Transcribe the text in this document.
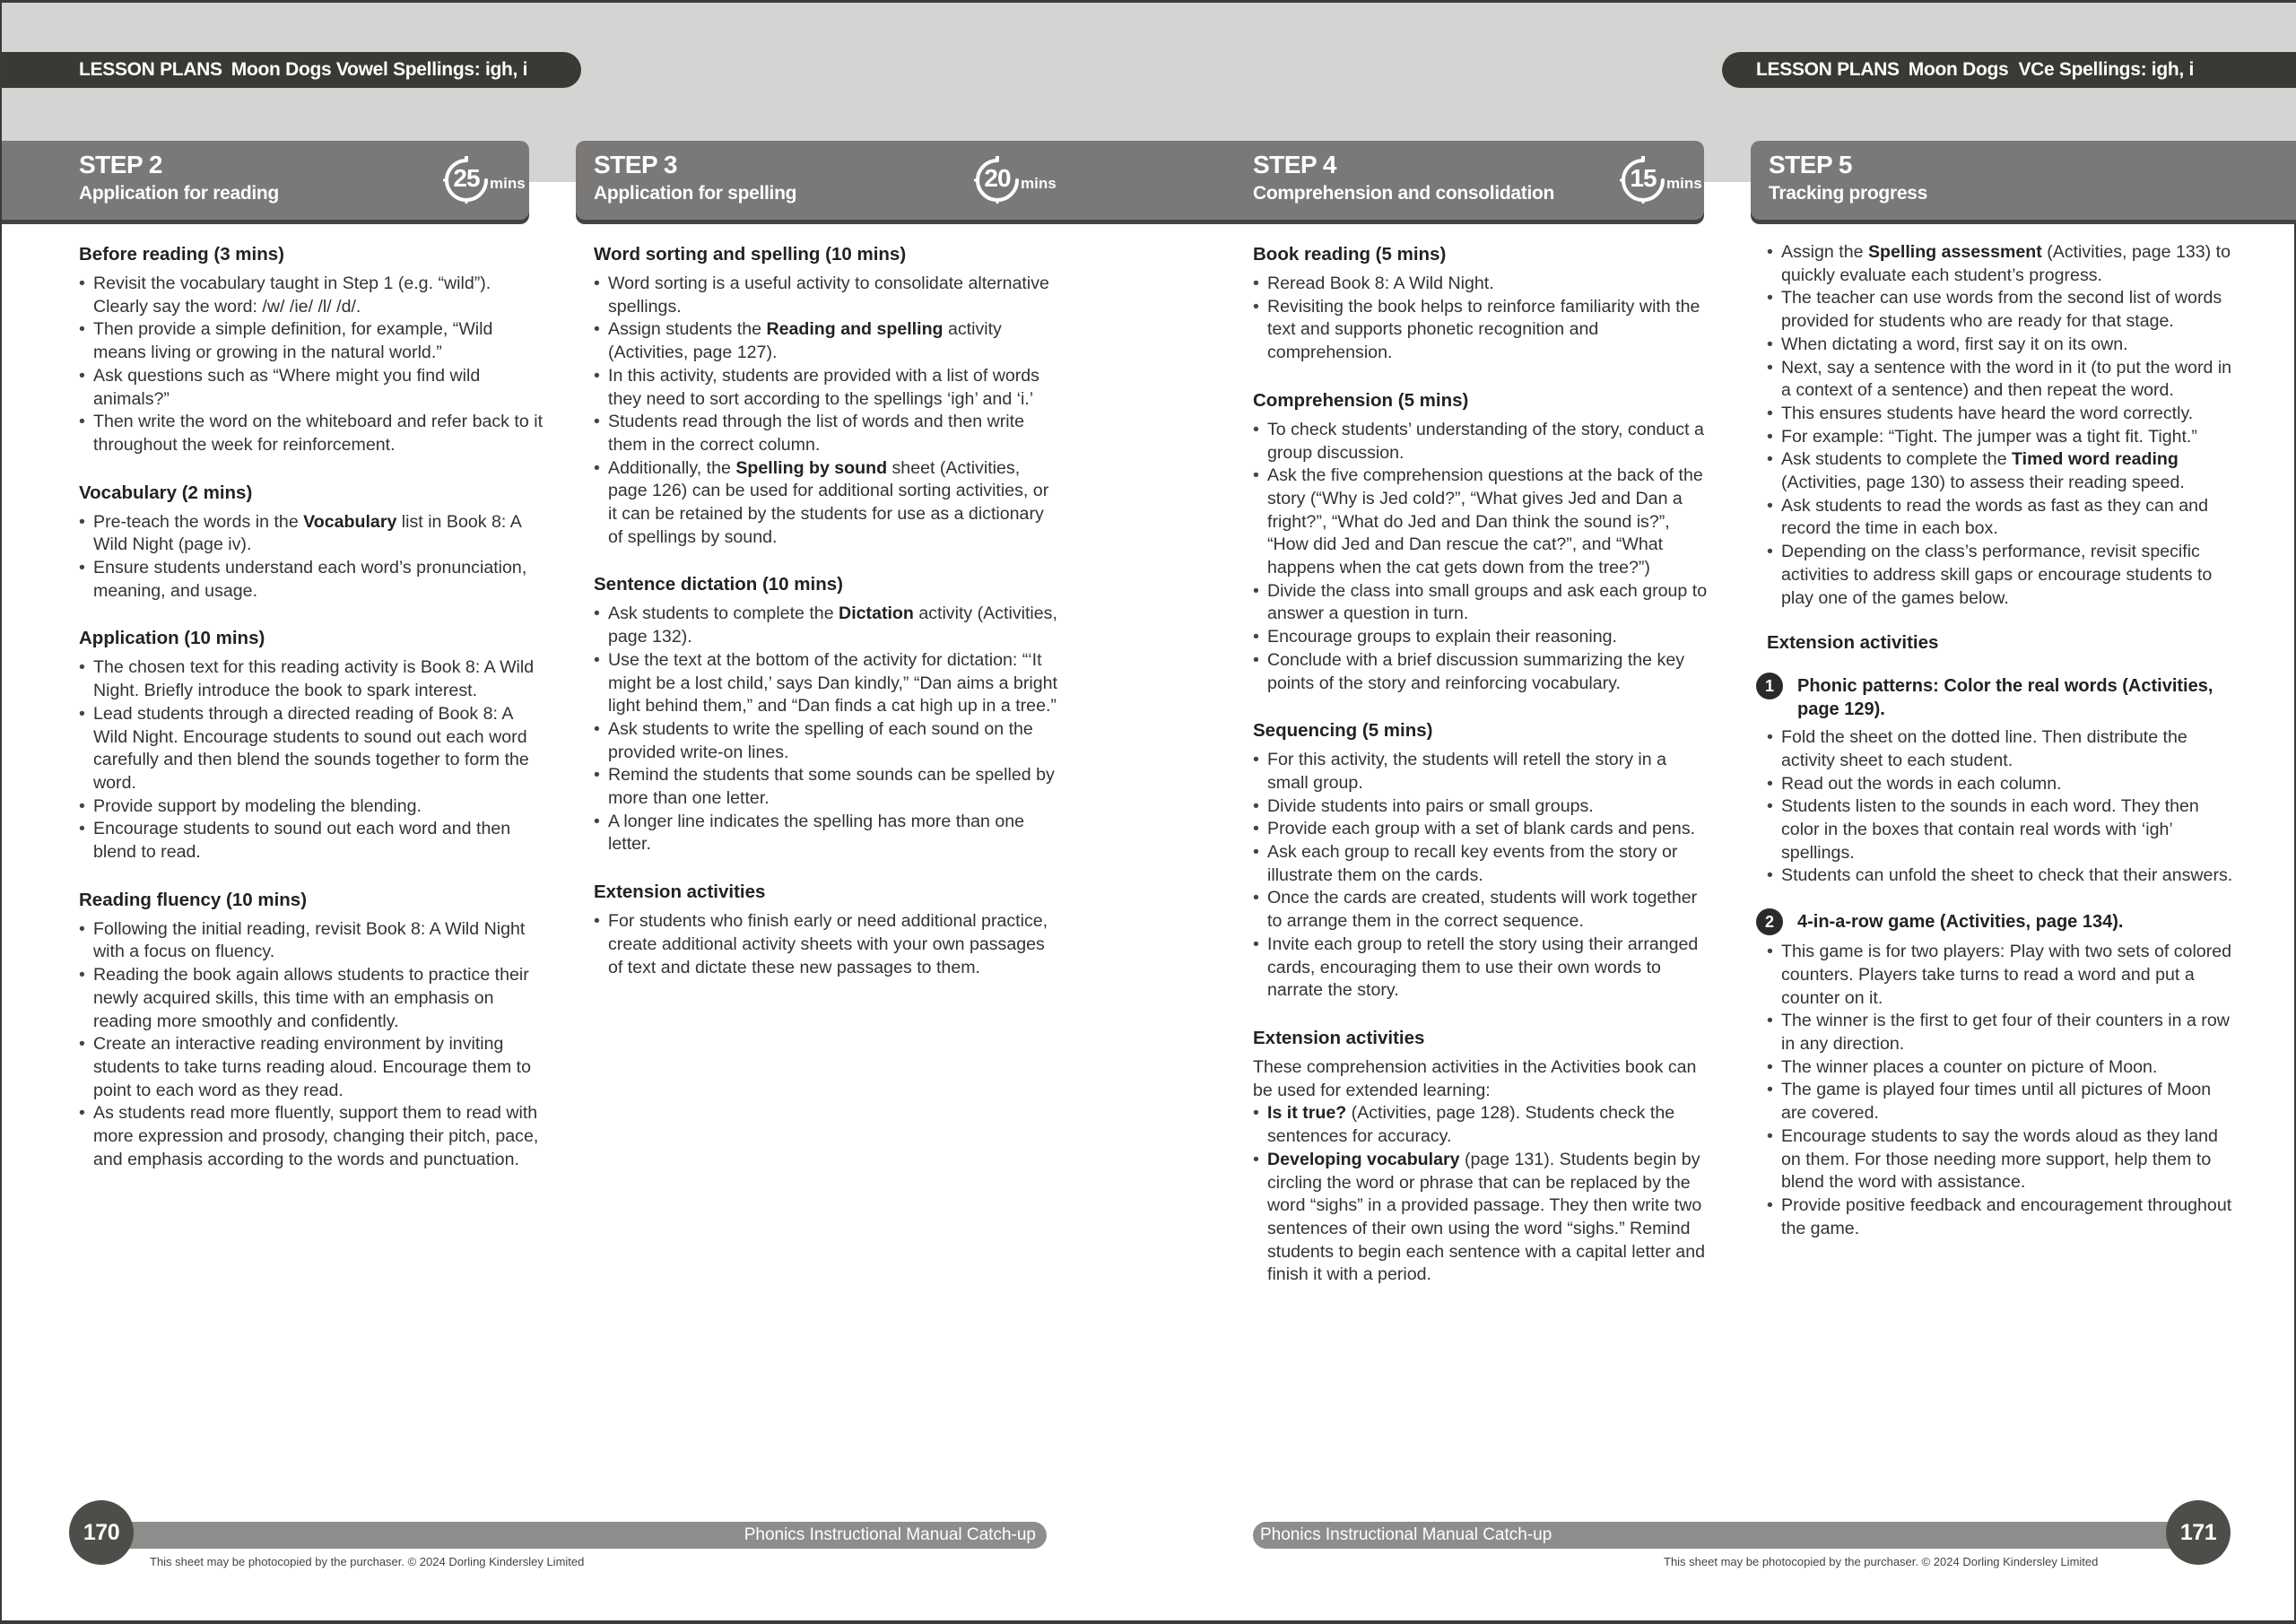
LESSON PLANS Moon Dogs Vowel Spellings: igh, i	LESSON PLANS Moon Dogs  VCe Spellings: igh, i
STEP 2
Application for reading
25 mins
STEP 3
Application for spelling
20 mins
STEP 4
Comprehension and consolidation
15 mins
STEP 5
Tracking progress
Before reading (3 mins)
• Revisit the vocabulary taught in Step 1 (e.g. “wild”). Clearly say the word: /w/ /ie/ /l/ /d/.
• Then provide a simple definition, for example, “Wild means living or growing in the natural world.”
• Ask questions such as “Where might you find wild animals?”
• Then write the word on the whiteboard and refer back to it throughout the week for reinforcement.
Vocabulary (2 mins)
• Pre-teach the words in the Vocabulary list in Book 8: A Wild Night (page iv).
• Ensure students understand each word’s pronunciation, meaning, and usage.
Application (10 mins)
• The chosen text for this reading activity is Book 8: A Wild Night. Briefly introduce the book to spark interest.
• Lead students through a directed reading of Book 8: A Wild Night. Encourage students to sound out each word carefully and then blend the sounds together to form the word.
• Provide support by modeling the blending.
• Encourage students to sound out each word and then blend to read.
Reading fluency (10 mins)
• Following the initial reading, revisit Book 8: A Wild Night with a focus on fluency.
• Reading the book again allows students to practice their newly acquired skills, this time with an emphasis on reading more smoothly and confidently.
• Create an interactive reading environment by inviting students to take turns reading aloud. Encourage them to point to each word as they read.
• As students read more fluently, support them to read with more expression and prosody, changing their pitch, pace, and emphasis according to the words and punctuation.
Word sorting and spelling (10 mins)
• Word sorting is a useful activity to consolidate alternative spellings.
• Assign students the Reading and spelling activity (Activities, page 127).
• In this activity, students are provided with a list of words they need to sort according to the spellings ‘igh’ and ‘i.’
• Students read through the list of words and then write them in the correct column.
• Additionally, the Spelling by sound sheet (Activities, page 126) can be used for additional sorting activities, or it can be retained by the students for use as a dictionary of spellings by sound.
Sentence dictation (10 mins)
• Ask students to complete the Dictation activity (Activities, page 132).
• Use the text at the bottom of the activity for dictation: “‘It might be a lost child,’ says Dan kindly,” “Dan aims a bright light behind them,” and “Dan finds a cat high up in a tree.”
• Ask students to write the spelling of each sound on the provided write-on lines.
• Remind the students that some sounds can be spelled by more than one letter.
• A longer line indicates the spelling has more than one letter.
Extension activities
• For students who finish early or need additional practice, create additional activity sheets with your own passages of text and dictate these new passages to them.
Book reading (5 mins)
• Reread Book 8: A Wild Night.
• Revisiting the book helps to reinforce familiarity with the text and supports phonetic recognition and comprehension.
Comprehension (5 mins)
• To check students’ understanding of the story, conduct a group discussion.
• Ask the five comprehension questions at the back of the story (“Why is Jed cold?”, “What gives Jed and Dan a fright?”, “What do Jed and Dan think the sound is?”, “How did Jed and Dan rescue the cat?”, and “What happens when the cat gets down from the tree?”)
• Divide the class into small groups and ask each group to answer a question in turn.
• Encourage groups to explain their reasoning.
• Conclude with a brief discussion summarizing the key points of the story and reinforcing vocabulary.
Sequencing (5 mins)
• For this activity, the students will retell the story in a small group.
• Divide students into pairs or small groups.
• Provide each group with a set of blank cards and pens.
• Ask each group to recall key events from the story or illustrate them on the cards.
• Once the cards are created, students will work together to arrange them in the correct sequence.
• Invite each group to retell the story using their arranged cards, encouraging them to use their own words to narrate the story.
Extension activities
These comprehension activities in the Activities book can be used for extended learning:
• Is it true? (Activities, page 128). Students check the sentences for accuracy.
• Developing vocabulary (page 131). Students begin by circling the word or phrase that can be replaced by the word “sighs” in a provided passage. They then write two sentences of their own using the word “sighs.” Remind students to begin each sentence with a capital letter and finish it with a period.
• Assign the Spelling assessment (Activities, page 133) to quickly evaluate each student’s progress.
• The teacher can use words from the second list of words provided for students who are ready for that stage.
• When dictating a word, first say it on its own.
• Next, say a sentence with the word in it (to put the word in a context of a sentence) and then repeat the word.
• This ensures students have heard the word correctly.
• For example: “Tight. The jumper was a tight fit. Tight.”
• Ask students to complete the Timed word reading (Activities, page 130) to assess their reading speed.
• Ask students to read the words as fast as they can and record the time in each box.
• Depending on the class’s performance, revisit specific activities to address skill gaps or encourage students to play one of the games below.
Extension activities
1	Phonic patterns: Color the real words (Activities, page 129).
• Fold the sheet on the dotted line. Then distribute the activity sheet to each student.
• Read out the words in each column.
• Students listen to the sounds in each word. They then color in the boxes that contain real words with ‘igh’ spellings.
• Students can unfold the sheet to check that their answers.
2	4-in-a-row game (Activities, page 134).
• This game is for two players: Play with two sets of colored counters. Players take turns to read a word and put a counter on it.
• The winner is the first to get four of their counters in a row in any direction.
• The winner places a counter on picture of Moon.
• The game is played four times until all pictures of Moon are covered.
• Encourage students to say the words aloud as they land on them. For those needing more support, help them to blend the word with assistance.
• Provide positive feedback and encouragement throughout the game.
Phonics Instructional Manual Catch-up
170
This sheet may be photocopied by the purchaser. © 2024 Dorling Kindersley Limited
Phonics Instructional Manual Catch-up	171
This sheet may be photocopied by the purchaser. © 2024 Dorling Kindersley Limited
